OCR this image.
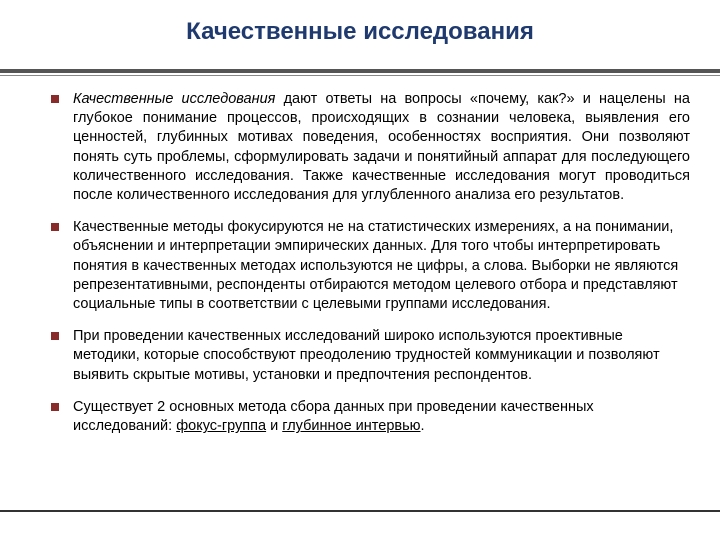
Качественные исследования
Качественные исследования дают ответы на вопросы «почему, как?» и нацелены на глубокое понимание процессов, происходящих в сознании человека, выявления его ценностей, глубинных мотивах поведения, особенностях восприятия. Они позволяют понять суть проблемы, сформулировать задачи и понятийный аппарат для последующего количественного исследования. Также качественные исследования могут проводиться после количественного исследования для углубленного анализа его результатов.
Качественные методы фокусируются не на статистических измерениях, а на понимании, объяснении и интерпретации эмпирических данных. Для того чтобы интерпретировать понятия в качественных методах используются не цифры, а слова. Выборки не являются репрезентативными, респонденты отбираются методом целевого отбора и представляют социальные типы в соответствии с целевыми группами исследования.
При проведении качественных исследований широко используются проективные методики, которые способствуют преодолению трудностей коммуникации и позволяют выявить скрытые мотивы, установки и предпочтения респондентов.
Существует 2 основных метода сбора данных при проведении качественных исследований: фокус-группа и глубинное интервью.
